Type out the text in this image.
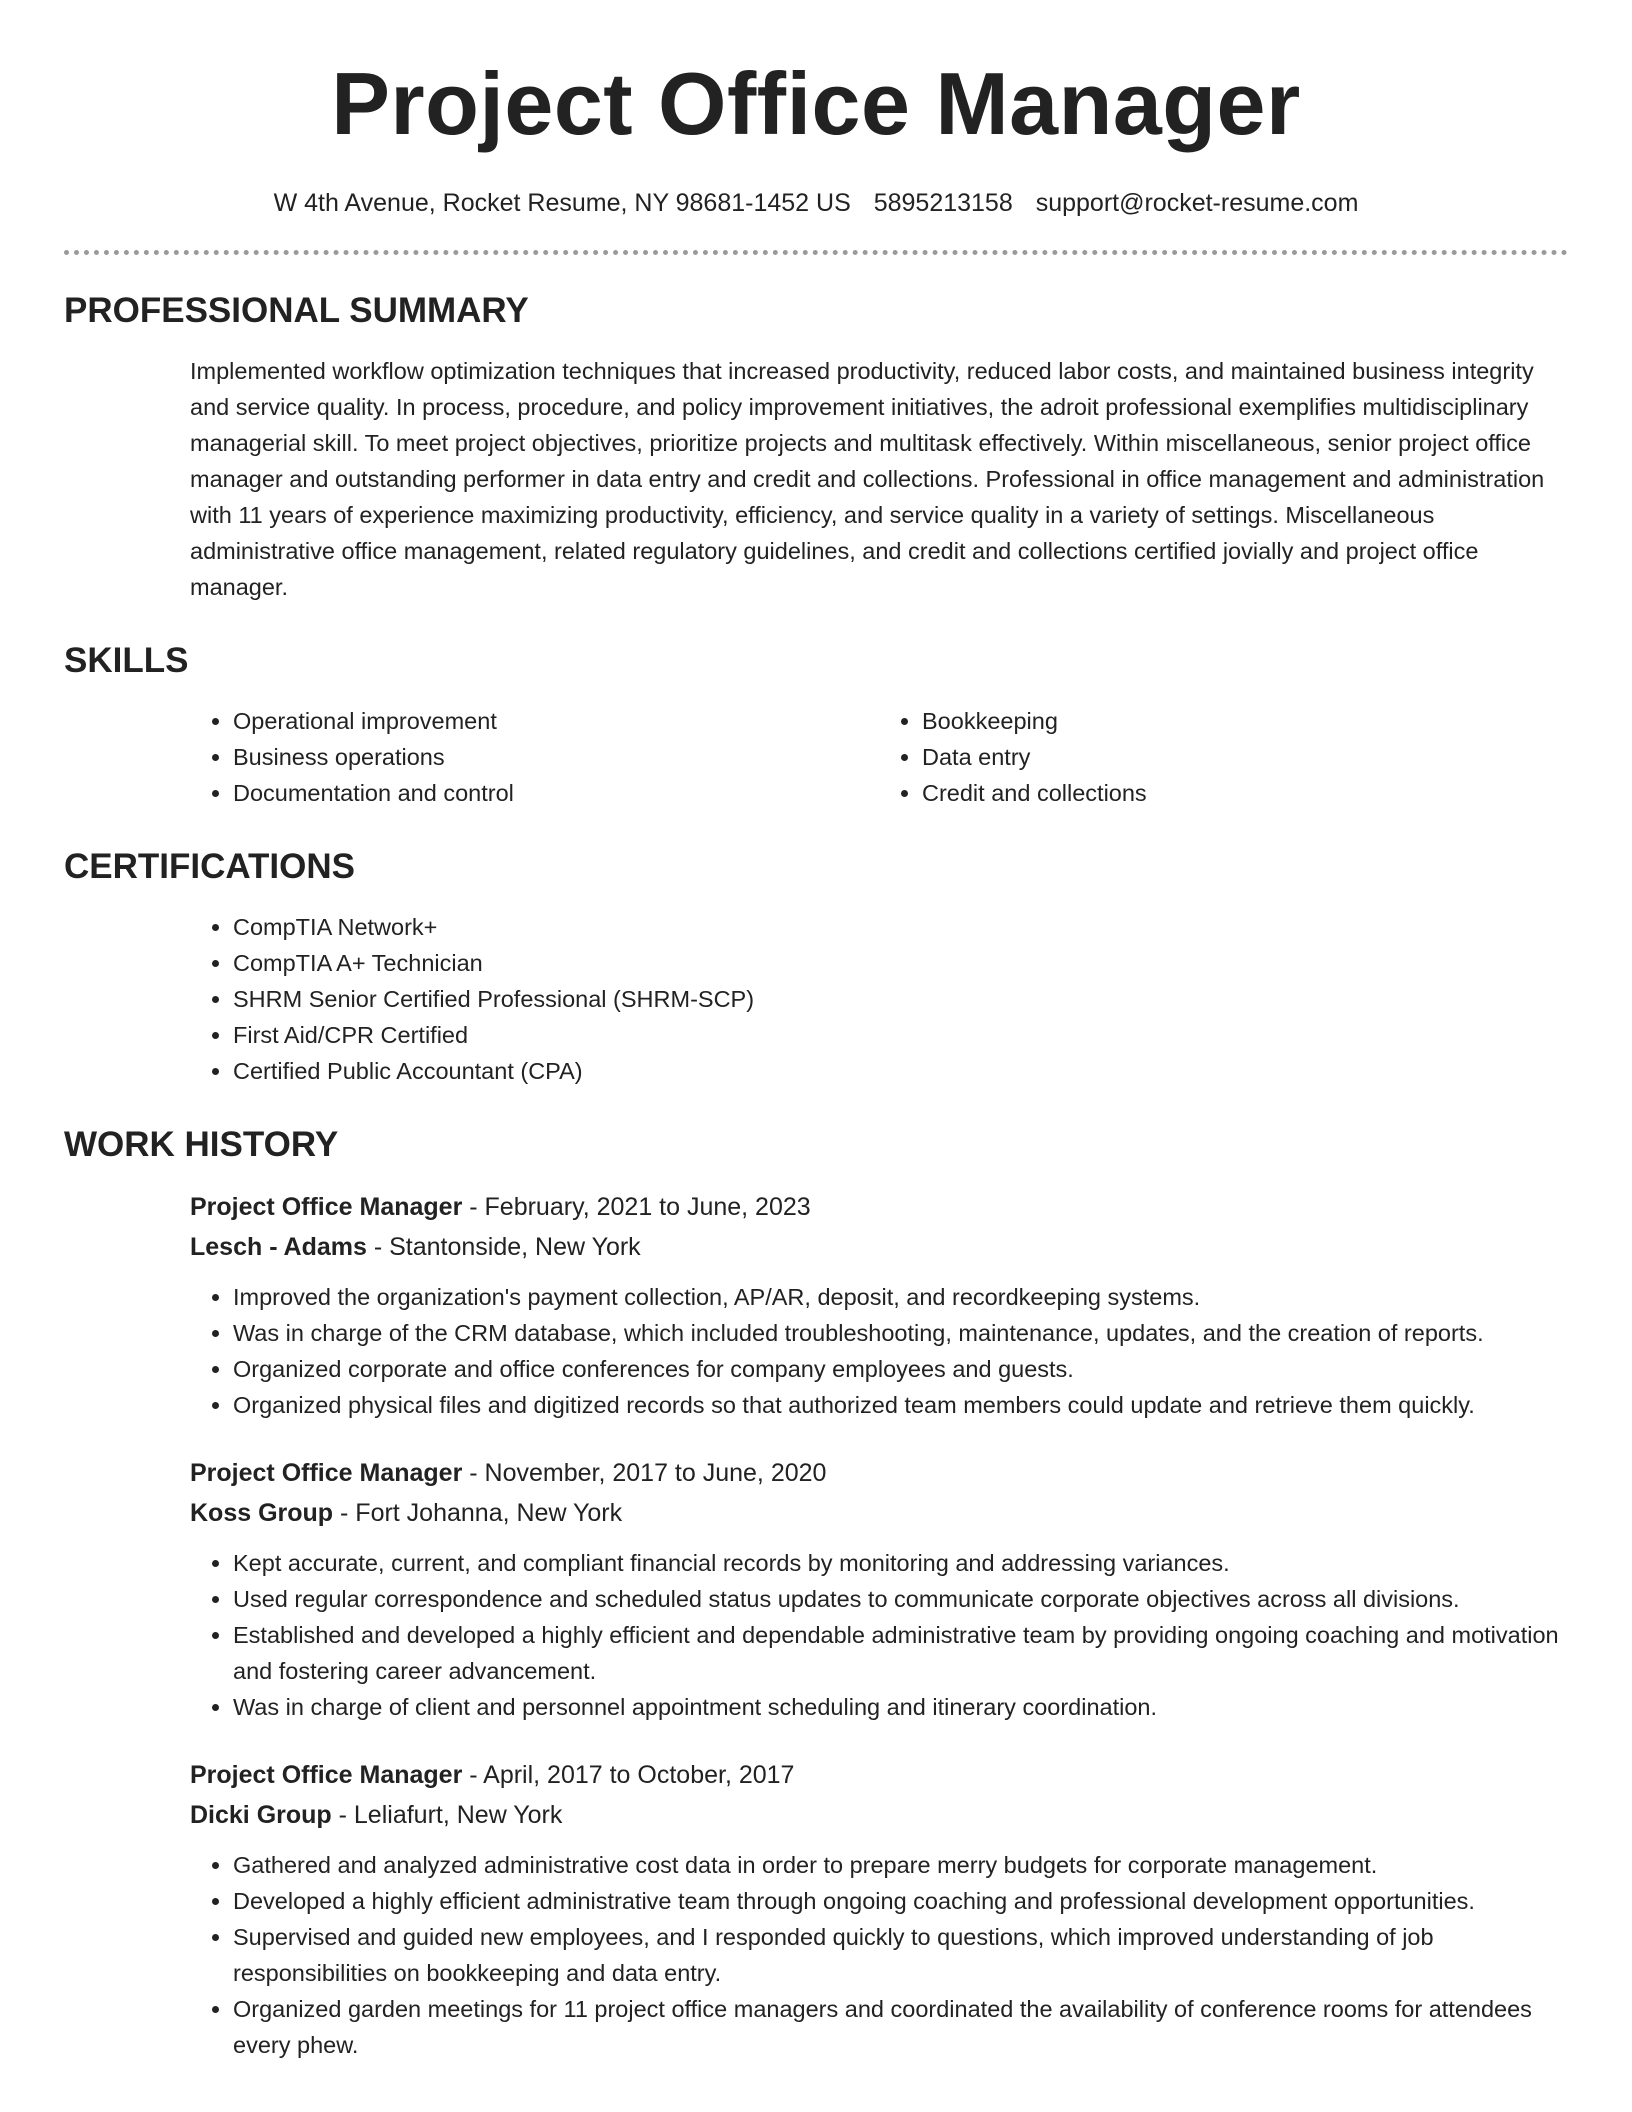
Project Office Manager
W 4th Avenue, Rocket Resume, NY 98681-1452 US 5895213158 support@rocket-resume.com
PROFESSIONAL SUMMARY

Implemented workflow optimization techniques that increased productivity, reduced labor costs, and maintained business integrity and service quality. In process, procedure, and policy improvement initiatives, the adroit professional exemplifies multidisciplinary managerial skill. To meet project objectives, prioritize projects and multitask effectively. Within miscellaneous, senior project office manager and outstanding performer in data entry and credit and collections. Professional in office management and administration with 11 years of experience maximizing productivity, efficiency, and service quality in a variety of settings. Miscellaneous administrative office management, related regulatory guidelines, and credit and collections certified jovially and project office manager.

SKILLS
• Operational improvement
• Business operations
• Documentation and control
• Bookkeeping
• Data entry
• Credit and collections
CERTIFICATIONS
• CompTIA Network+
• CompTIA A+ Technician
• SHRM Senior Certified Professional (SHRM-SCP)
• First Aid/CPR Certified
• Certified Public Accountant (CPA)
WORK HISTORY
Project Office Manager - February, 2021 to June, 2023
Lesch - Adams - Stantonside, New York
• Improved the organization's payment collection, AP/AR, deposit, and recordkeeping systems.
• Was in charge of the CRM database, which included troubleshooting, maintenance, updates, and the creation of reports.
• Organized corporate and office conferences for company employees and guests.
• Organized physical files and digitized records so that authorized team members could update and retrieve them quickly.
Project Office Manager - November, 2017 to June, 2020
Koss Group - Fort Johanna, New York
• Kept accurate, current, and compliant financial records by monitoring and addressing variances.
• Used regular correspondence and scheduled status updates to communicate corporate objectives across all divisions.
• Established and developed a highly efficient and dependable administrative team by providing ongoing coaching and motivation and fostering career advancement.
• Was in charge of client and personnel appointment scheduling and itinerary coordination.
Project Office Manager - April, 2017 to October, 2017
Dicki Group - Leliafurt, New York
• Gathered and analyzed administrative cost data in order to prepare merry budgets for corporate management.
• Developed a highly efficient administrative team through ongoing coaching and professional development opportunities.
• Supervised and guided new employees, and I responded quickly to questions, which improved understanding of job responsibilities on bookkeeping and data entry.
• Organized garden meetings for 11 project office managers and coordinated the availability of conference rooms for attendees every phew.
